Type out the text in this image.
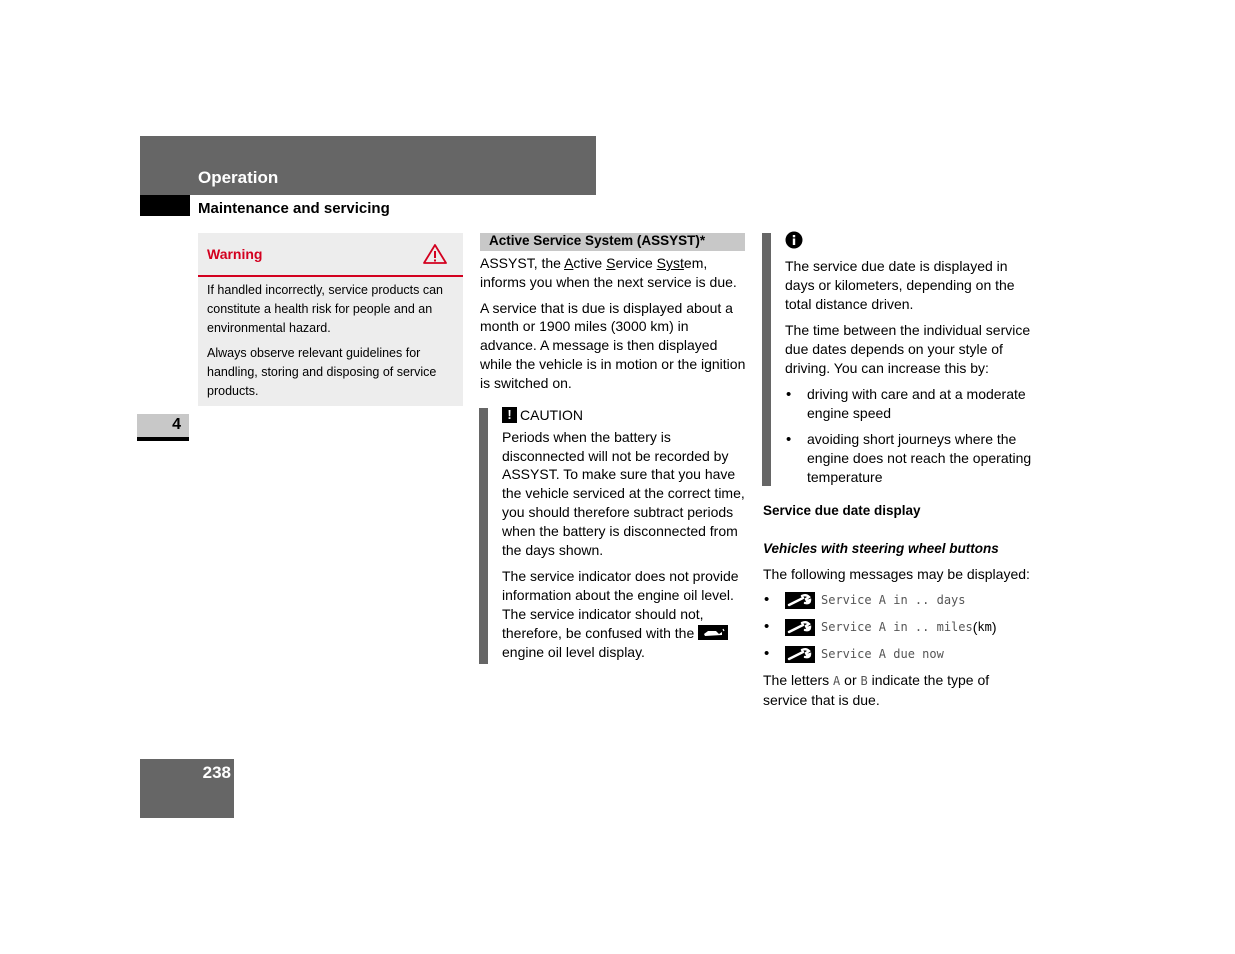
Operation
Maintenance and servicing
4
Warning

If handled incorrectly, service products can constitute a health risk for people and an environmental hazard.

Always observe relevant guidelines for handling, storing and disposing of service products.

Active Service System (ASSYST)*

ASSYST, the Active Service System, informs you when the next service is due.

A service that is due is displayed about a month or 1900 miles (3000 km) in advance. A message is then displayed while the vehicle is in motion or the ignition is switched on.

! CAUTION

Periods when the battery is disconnected will not be recorded by ASSYST. To make sure that you have the vehicle serviced at the correct time, you should therefore subtract periods when the battery is disconnected from the days shown.

The service indicator does not provide information about the engine oil level. The service indicator should not, therefore, be confused with the
engine oil level display.

The service due date is displayed in days or kilometers, depending on the total distance driven.

The time between the individual service due dates depends on your style of driving. You can increase this by:

• driving with care and at a moderate engine speed
• avoiding short journeys where the engine does not reach the operating temperature

Service due date display

Vehicles with steering wheel buttons

The following messages may be displayed:

• Service A in .. days
• Service A in .. miles ( km )
• Service A due now

The letters A or B indicate the type of service that is due.

238
